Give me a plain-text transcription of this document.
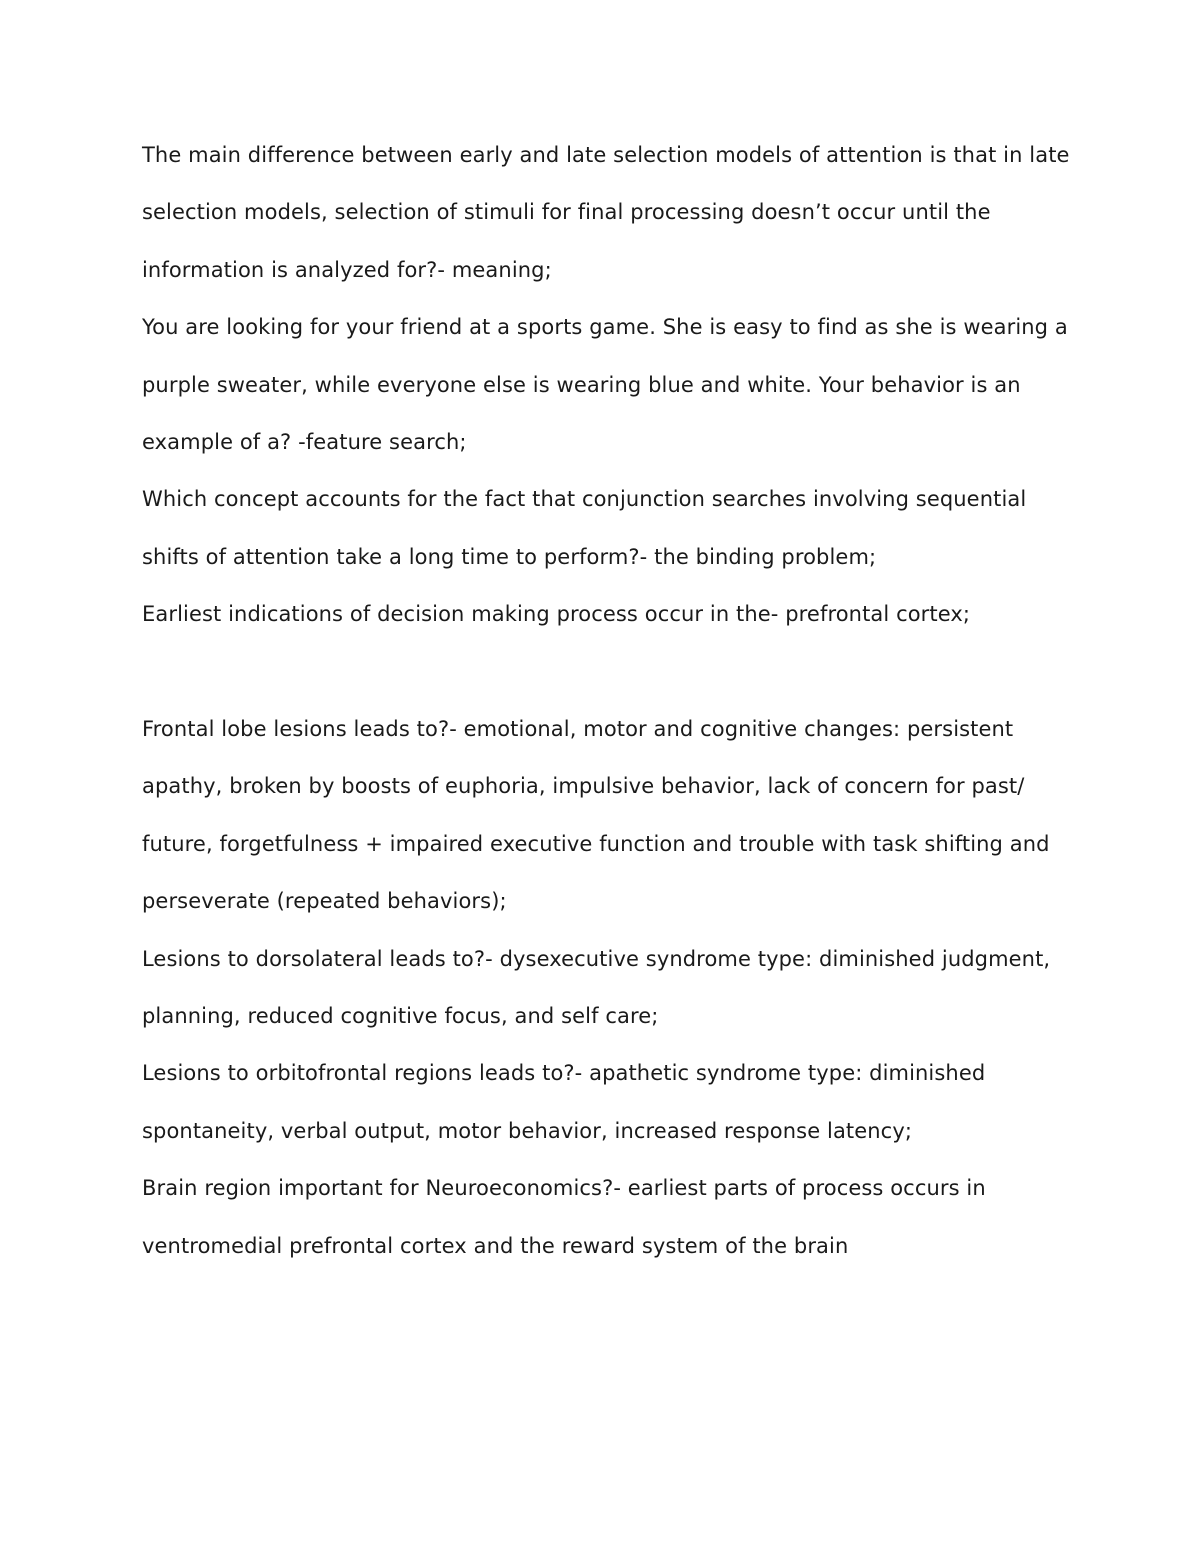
The main difference between early and late selection models of attention is that in late selection models, selection of stimuli for final processing doesn’t occur until the information is analyzed for?- meaning;

You are looking for your friend at a sports game. She is easy to find as she is wearing a purple sweater, while everyone else is wearing blue and white. Your behavior is an example of a? -feature search;

Which concept accounts for the fact that conjunction searches involving sequential shifts of attention take a long time to perform?- the binding problem;

Earliest indications of decision making process occur in the- prefrontal cortex;

Frontal lobe lesions leads to?- emotional, motor and cognitive changes: persistent apathy, broken by boosts of euphoria, impulsive behavior, lack of concern for past/ future, forgetfulness + impaired executive function and trouble with task shifting and perseverate (repeated behaviors);

Lesions to dorsolateral leads to?- dysexecutive syndrome type: diminished judgment, planning, reduced cognitive focus, and self care;

Lesions to orbitofrontal regions leads to?- apathetic syndrome type: diminished spontaneity, verbal output, motor behavior, increased response latency;

Brain region important for Neuroeconomics?- earliest parts of process occurs in ventromedial prefrontal cortex and the reward system of the brain
